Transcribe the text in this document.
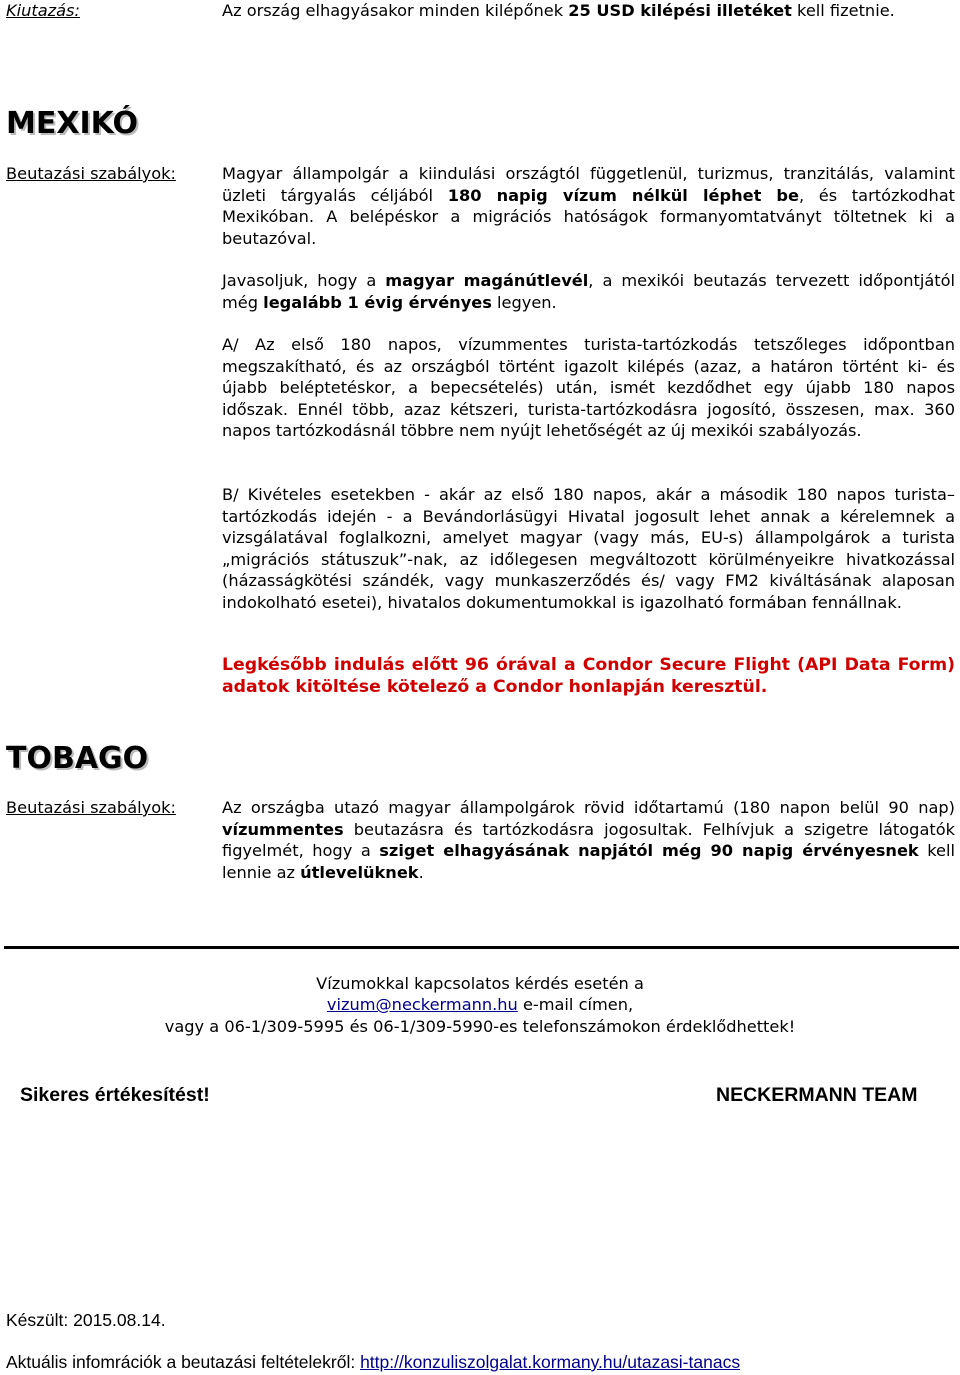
Kiutazás:	Az ország elhagyásakor minden kilépőnek 25 USD kilépési illetéket kell fizetnie.
MEXIKÓ
Beutazási szabályok:	Magyar állampolgár a kiindulási országtól függetlenül, turizmus, tranzitálás, valamint üzleti tárgyalás céljából 180 napig vízum nélkül léphet be, és tartózkodhat Mexikóban. A belépéskor a migrációs hatóságok formanyomtatványt töltetnek ki a beutazóval.
Javasoljuk, hogy a magyar magánútlevél, a mexikói beutazás tervezett időpontjától még legalább 1 évig érvényes legyen.
A/ Az első 180 napos, vízummentes turista-tartózkodás tetszőleges időpontban megszakítható, és az országból történt igazolt kilépés (azaz, a határon történt ki- és újabb beléptetéskor, a bepecsételés) után, ismét kezdődhet egy újabb 180 napos időszak. Ennél több, azaz kétszeri, turista-tartózkodásra jogosító, összesen, max. 360 napos tartózkodásnál többre nem nyújt lehetőségét az új mexikói szabályozás.
B/ Kivételes esetekben - akár az első 180 napos, akár a második 180 napos turista–tartózkodás idején - a Bevándorlásügyi Hivatal jogosult lehet annak a kérelemnek a vizsgálatával foglalkozni, amelyet magyar (vagy más, EU-s) állampolgárok a turista „migrációs státuszuk”-nak, az időlegesen megváltozott körülményeikre hivatkozással (házasságkötési szándék, vagy munkaszerződés és/ vagy FM2 kiváltásának alaposan indokolható esetei), hivatalos dokumentumokkal is igazolható formában fennállnak.
Legkésőbb indulás előtt 96 órával a Condor Secure Flight (API Data Form) adatok kitöltése kötelező a Condor honlapján keresztül.
TOBAGO
Beutazási szabályok:	Az országba utazó magyar állampolgárok rövid időtartamú (180 napon belül 90 nap) vízummentes beutazásra és tartózkodásra jogosultak. Felhívjuk a szigetre látogatók figyelmét, hogy a sziget elhagyásának napjától még 90 napig érvényesnek kell lennie az útlevelüknek.
Vízumokkal kapcsolatos kérdés esetén a
vizum@neckermann.hu e-mail címen,
vagy a 06-1/309-5995 és 06-1/309-5990-es telefonszámokon érdeklődhettek!
Sikeres értékesítést!	NECKERMANN TEAM
Készült: 2015.08.14.
Aktuális infomrációk a beutazási feltételekről: http://konzuliszolgalat.kormany.hu/utazasi-tanacs
